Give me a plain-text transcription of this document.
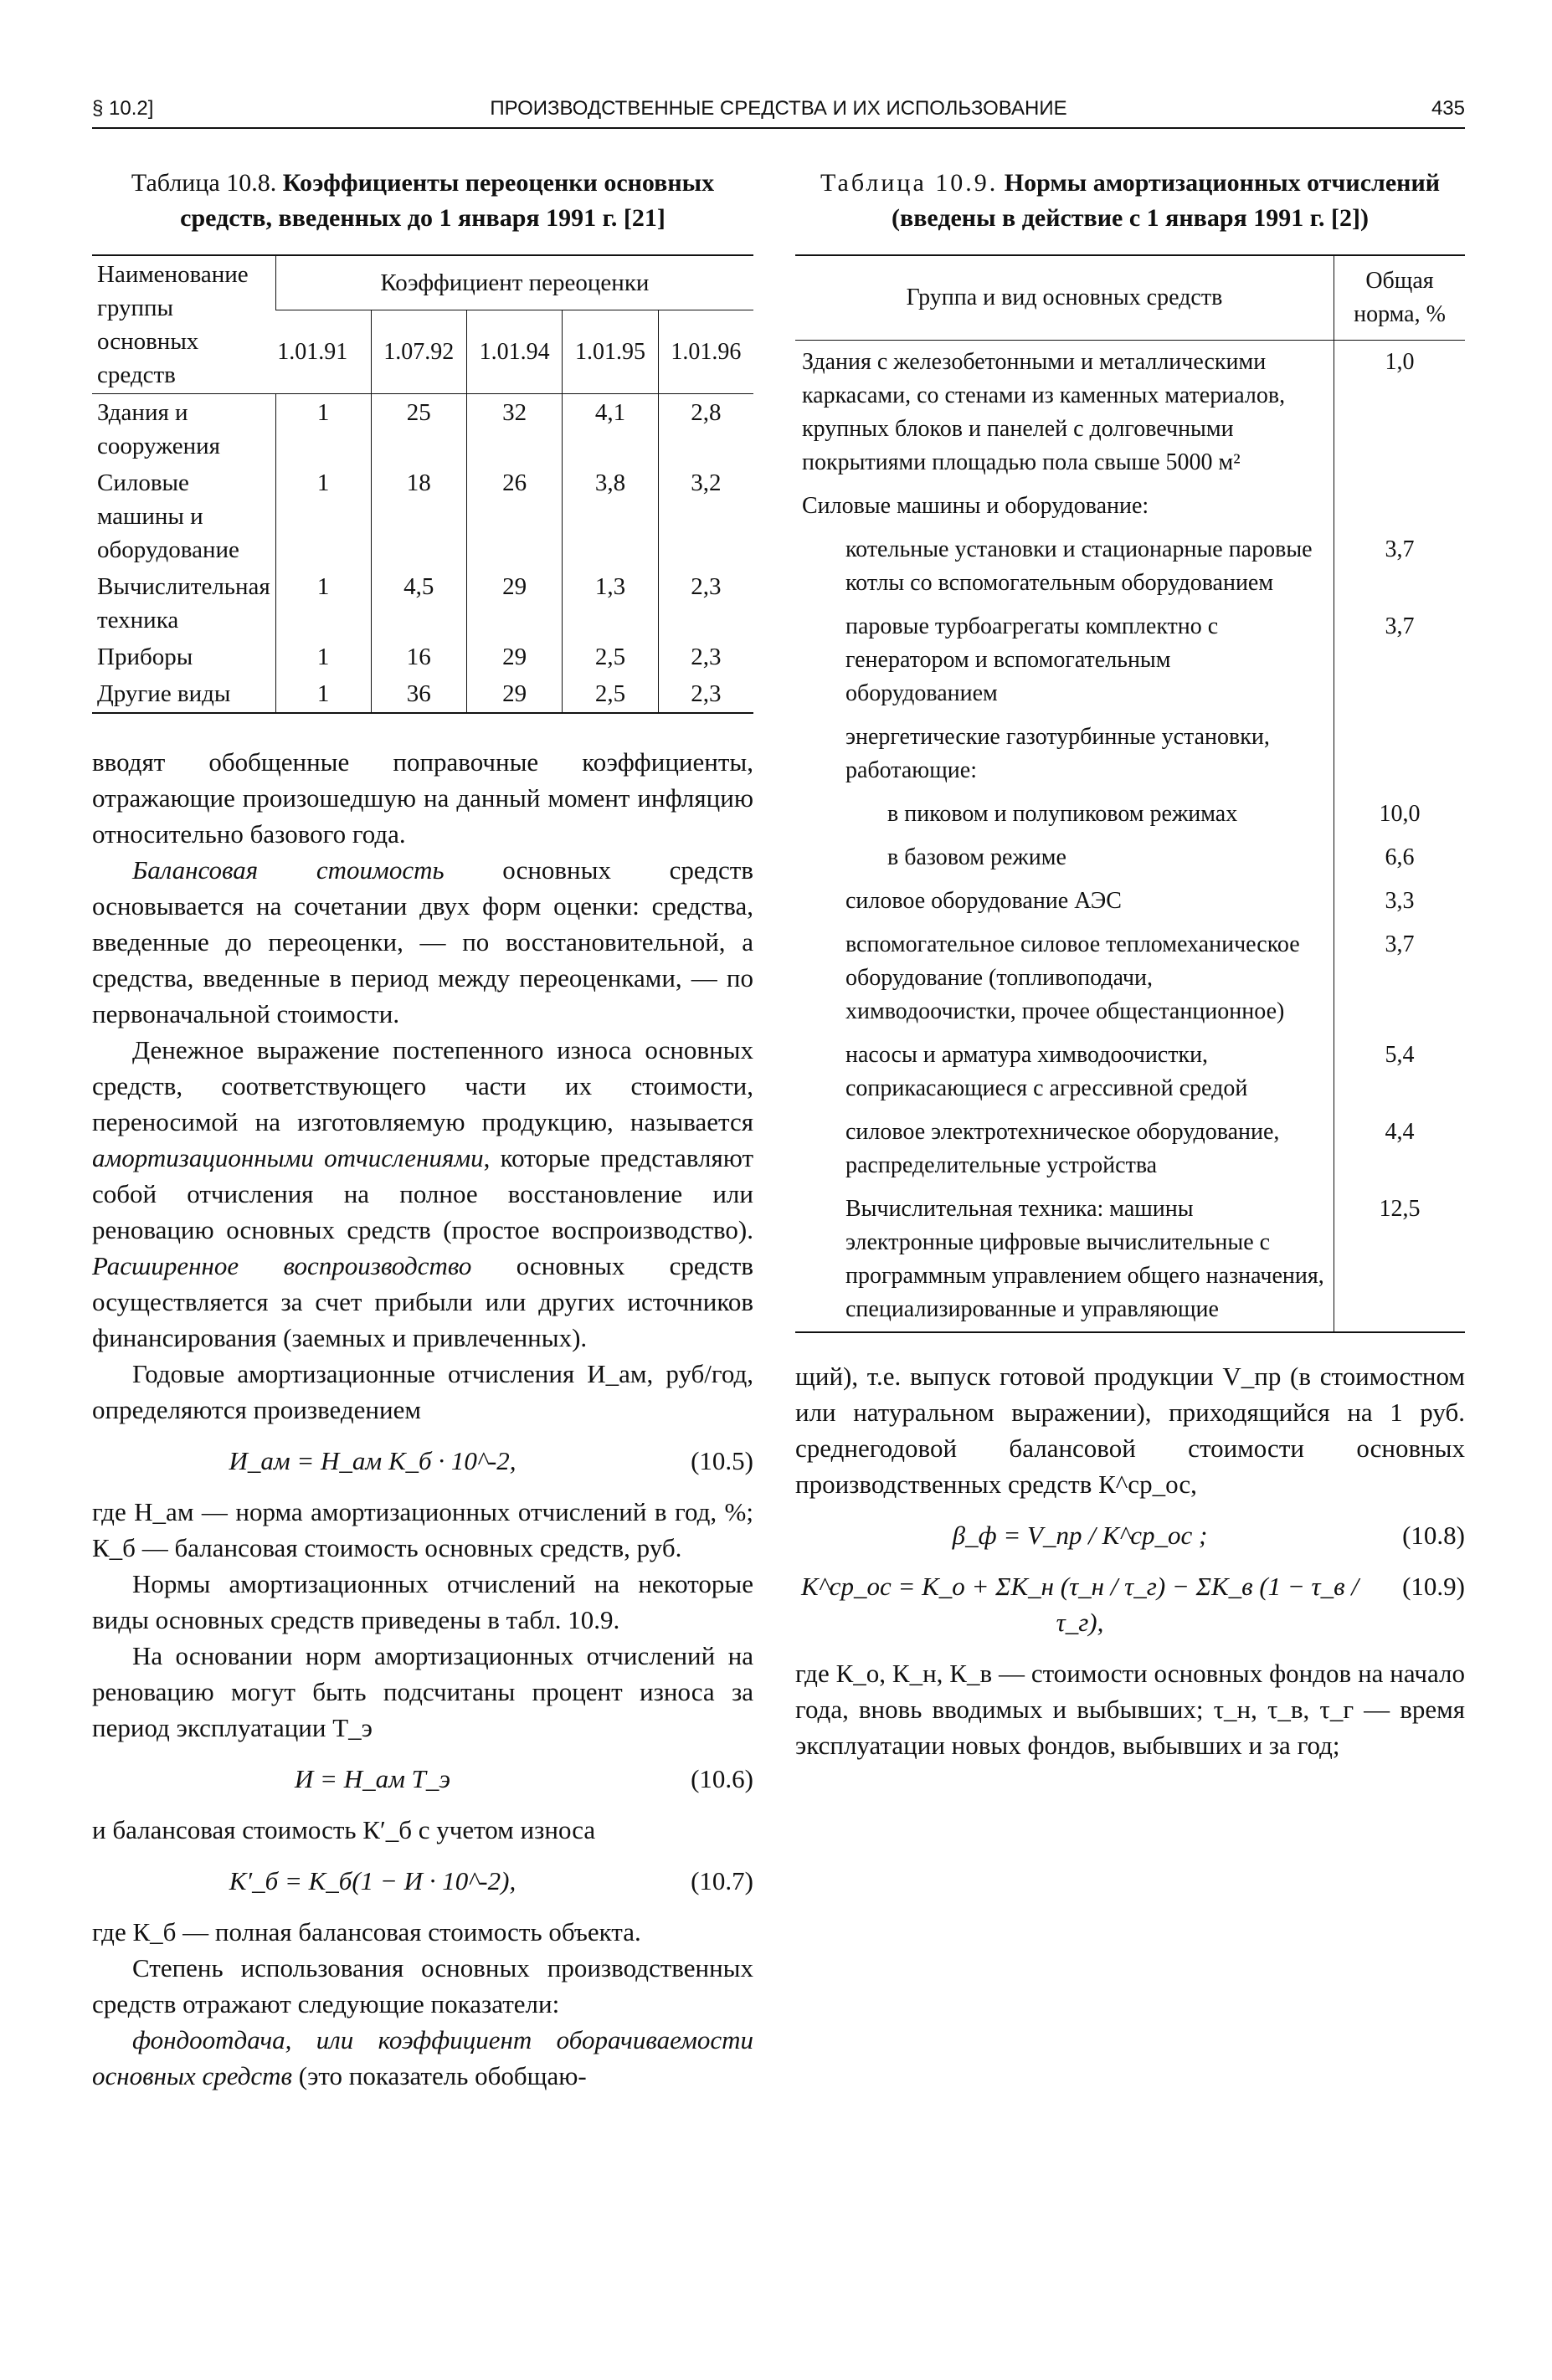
§ 10.2]	ПРОИЗВОДСТВЕННЫЕ СРЕДСТВА И ИХ ИСПОЛЬЗОВАНИЕ	435
Таблица 10.8. Коэффициенты переоценки основных средств, введенных до 1 января 1991 г. [21]
Наименование группы основных средств	Коэффициент переоценки				
	1.01.91	1.07.92	1.01.94	1.01.95	1.01.96
Здания и сооружения	1	25	32	4,1	2,8
Силовые машины и оборудование	1	18	26	3,8	3,2
Вычислительная техника	1	4,5	29	1,3	2,3
Приборы	1	16	29	2,5	2,3
Другие виды	1	36	29	2,5	2,3

вводят обобщенные поправочные коэффициенты, отражающие произошедшую на данный момент инфляцию относительно базового года.

Балансовая стоимость основных средств основывается на сочетании двух форм оценки: средства, введенные до переоценки, — по восстановительной, а средства, введенные в период между переоценками, — по первоначальной стоимости.

Денежное выражение постепенного износа основных средств, соответствующего части их стоимости, переносимой на изготовляемую продукцию, называется амортизационными отчислениями, которые представляют собой отчисления на полное восстановление или реновацию основных средств (простое воспроизводство). Расширенное воспроизводство основных средств осуществляется за счет прибыли или других источников финансирования (заемных и привлеченных).

Годовые амортизационные отчисления И_ам, руб/год, определяются произведением

И_ам = Н_ам К_б · 10^-2,	(10.5)

где Н_ам — норма амортизационных отчислений в год, %; К_б — балансовая стоимость основных средств, руб.

Нормы амортизационных отчислений на некоторые виды основных средств приведены в табл. 10.9.

На основании норм амортизационных отчислений на реновацию могут быть подсчитаны процент износа за период эксплуатации Т_э

И = Н_ам Т_э	(10.6)

и балансовая стоимость К′_б с учетом износа

К′_б = К_б(1 − И · 10^-2),	(10.7)

где К_б — полная балансовая стоимость объекта.

Степень использования основных производственных средств отражают следующие показатели:

фондоотдача, или коэффициент оборачиваемости основных средств (это показатель обобщаю-

Таблица 10.9. Нормы амортизационных отчислений (введены в действие с 1 января 1991 г. [2])
Группа и вид основных средств	Общая норма, %
Здания с железобетонными и металлическими каркасами, со стенами из каменных материалов, крупных блоков и панелей с долговечными покрытиями площадью пола свыше 5000 м²	1,0
Силовые машины и оборудование:	
котельные установки и стационарные паровые котлы со вспомогательным оборудованием	3,7
паровые турбоагрегаты комплектно с генератором и вспомогательным оборудованием	3,7
энергетические газотурбинные установки, работающие:	
в пиковом и полупиковом режимах	10,0
в базовом режиме	6,6
силовое оборудование АЭС	3,3
вспомогательное силовое тепломеханическое оборудование (топливоподачи, химводоочистки, прочее общестанционное)	3,7
насосы и арматура химводоочистки, соприкасающиеся с агрессивной средой	5,4
силовое электротехническое оборудование, распределительные устройства	4,4
Вычислительная техника: машины электронные цифровые вычислительные с программным управлением общего назначения, специализированные и управляющие	12,5

щий), т.е. выпуск готовой продукции V_пр (в стоимостном или натуральном выражении), приходящийся на 1 руб. среднегодовой балансовой стоимости основных производственных средств К^ср_ос,

β_ф = V_пр / К^ср_ос ;	(10.8)
К^ср_ос = К_о + ΣК_н (τ_н / τ_г) − ΣК_в (1 − τ_в / τ_г),
(10.9)

где К_о, К_н, К_в — стоимости основных фондов на начало года, вновь вводимых и выбывших; τ_н, τ_в, τ_г — время эксплуатации новых фондов, выбывших и за год;
